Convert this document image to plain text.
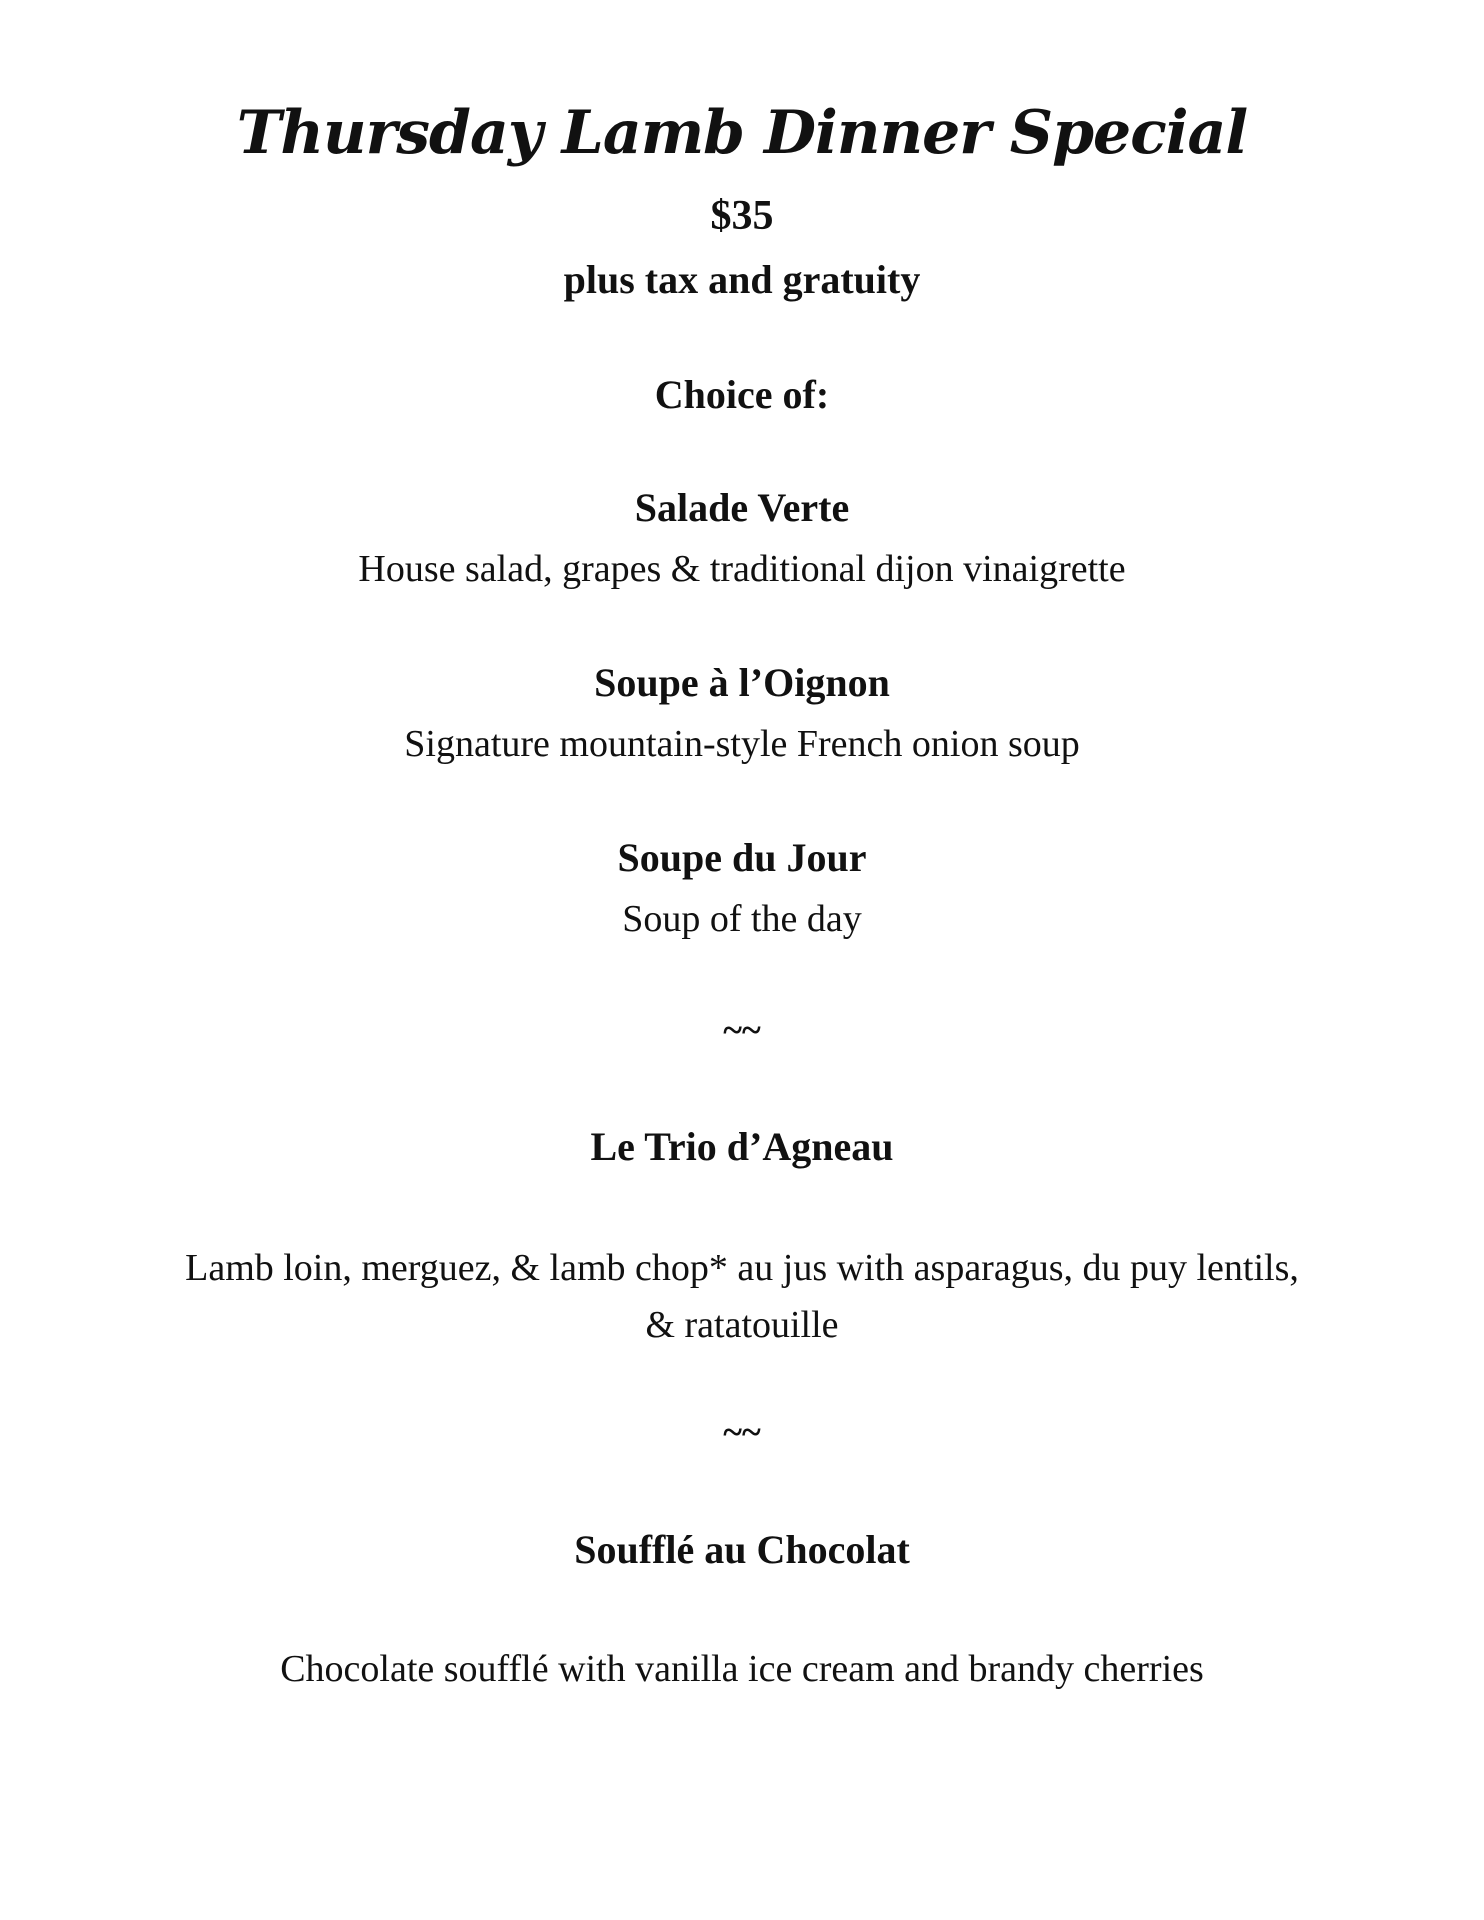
Thursday Lamb Dinner Special
$35
plus tax and gratuity
Choice of:
Salade Verte
House salad, grapes & traditional dijon vinaigrette
Soupe à l’Oignon
Signature mountain-style French onion soup
Soupe du Jour
Soup of the day
~~
Le Trio d’Agneau
Lamb loin, merguez, & lamb chop* au jus with asparagus, du puy lentils, & ratatouille
~~
Soufflé au Chocolat
Chocolate soufflé with vanilla ice cream and brandy cherries
